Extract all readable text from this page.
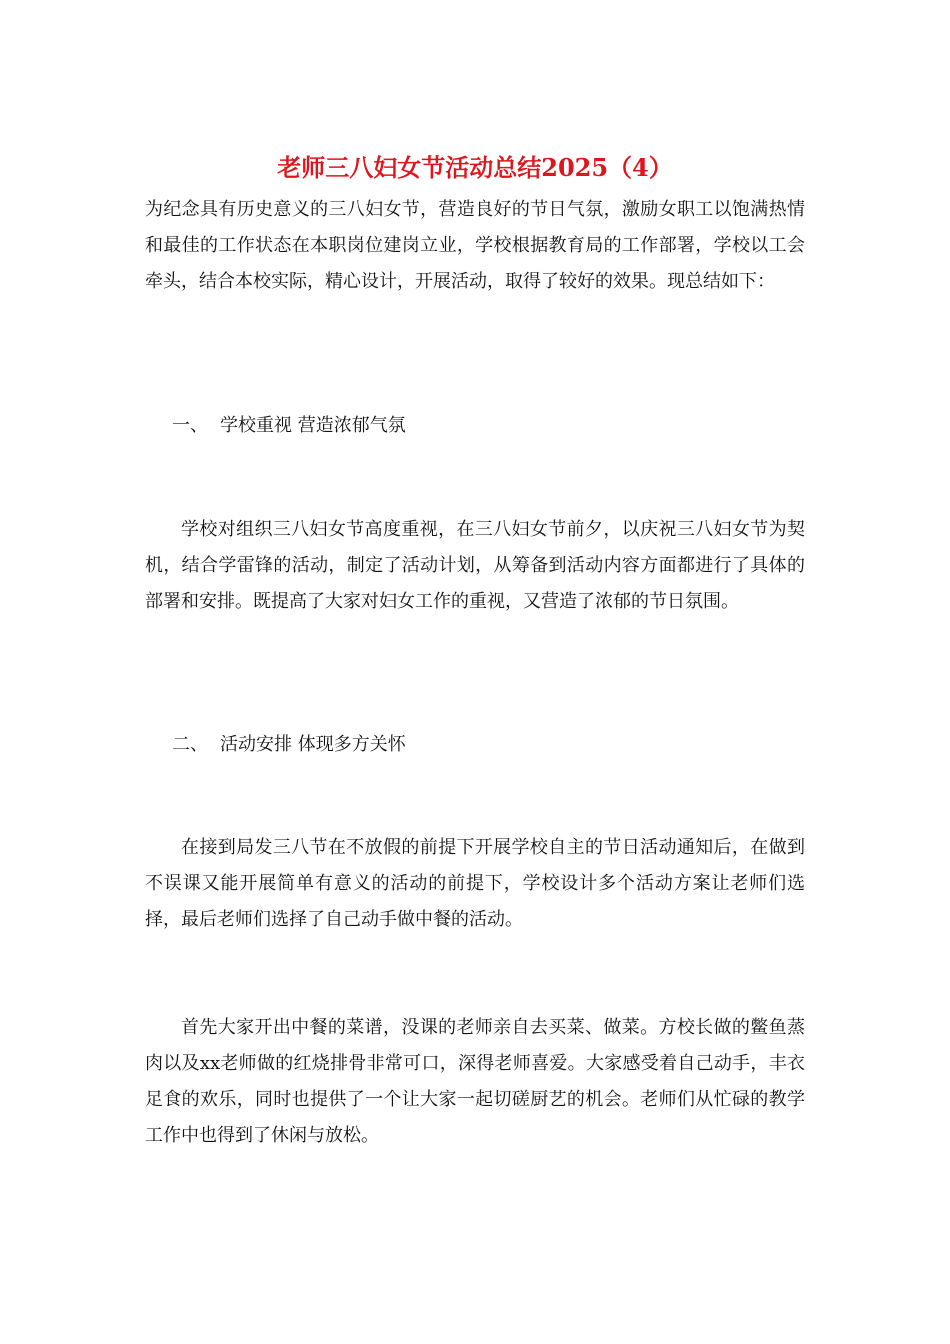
老师三八妇女节活动总结2025（4）

为纪念具有历史意义的三八妇女节，营造良好的节日气氛，激励女职工以饱满热情和最佳的工作状态在本职岗位建岗立业，学校根据教育局的工作部署，学校以工会牵头，结合本校实际，精心设计，开展活动，取得了较好的效果。现总结如下：

一、 学校重视 营造浓郁气氛

学校对组织三八妇女节高度重视，在三八妇女节前夕，以庆祝三八妇女节为契机，结合学雷锋的活动，制定了活动计划，从筹备到活动内容方面都进行了具体的部署和安排。既提高了大家对妇女工作的重视，又营造了浓郁的节日氛围。

二、 活动安排 体现多方关怀

在接到局发三八节在不放假的前提下开展学校自主的节日活动通知后，在做到不误课又能开展简单有意义的活动的前提下，学校设计多个活动方案让老师们选择，最后老师们选择了自己动手做中餐的活动。

首先大家开出中餐的菜谱，没课的老师亲自去买菜、做菜。方校长做的鳖鱼蒸肉以及xx老师做的红烧排骨非常可口，深得老师喜爱。大家感受着自己动手，丰衣足食的欢乐，同时也提供了一个让大家一起切磋厨艺的机会。老师们从忙碌的教学工作中也得到了休闲与放松。
